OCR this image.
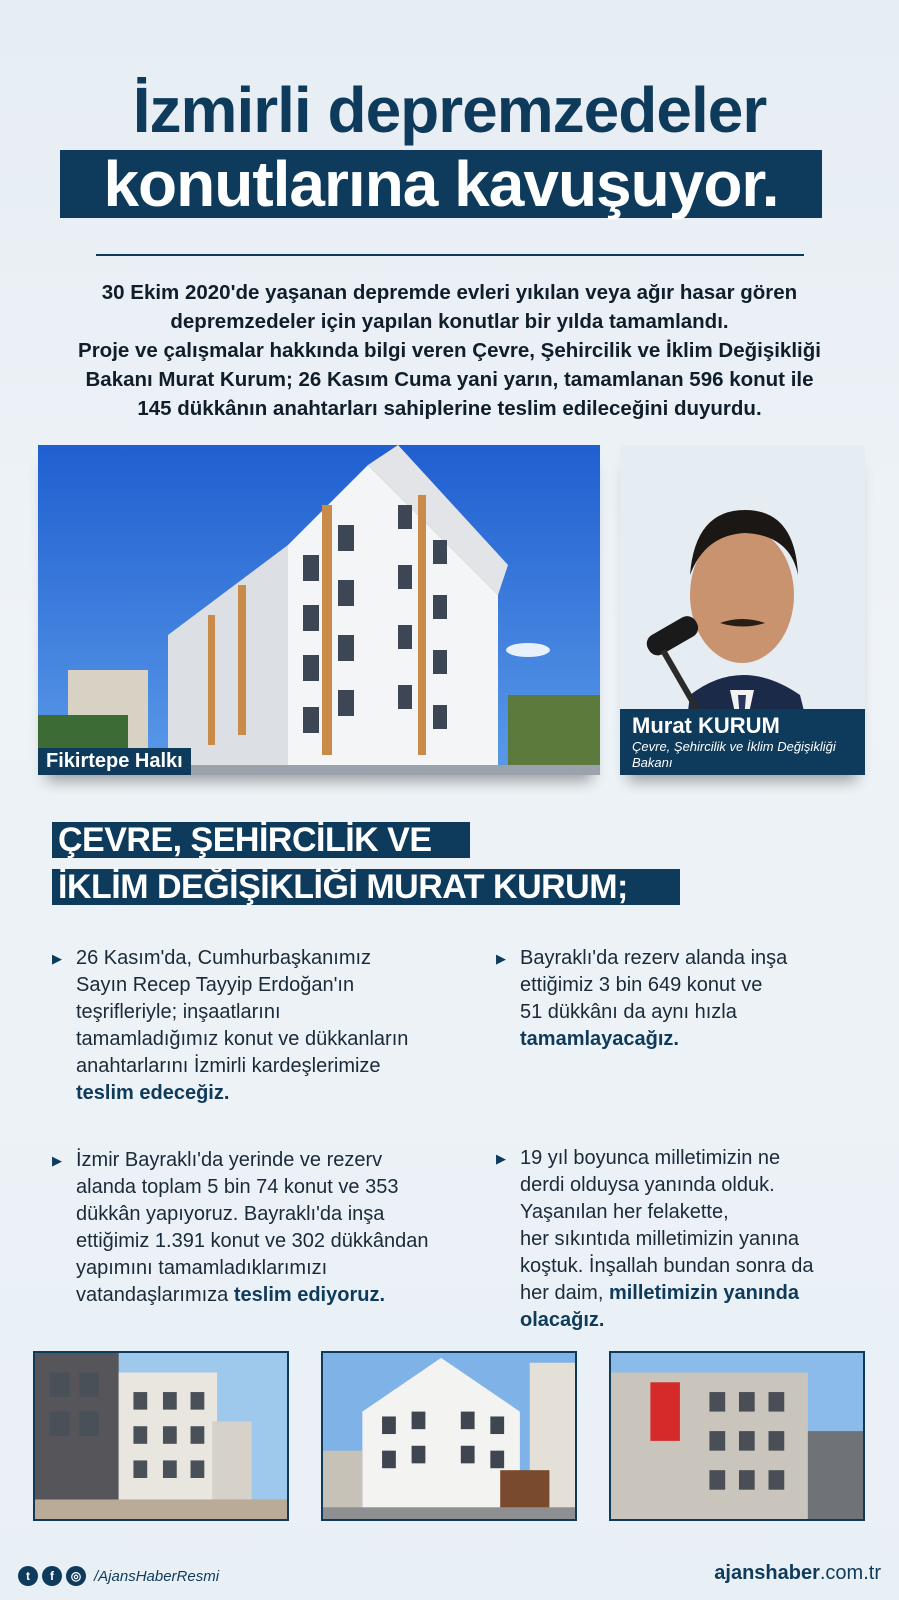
İzmirli depremzedeler
konutlarına kavuşuyor.
30 Ekim 2020'de yaşanan depremde evleri yıkılan veya ağır hasar gören
depremzedeler için yapılan konutlar bir yılda tamamlandı.
Proje ve çalışmalar hakkında bilgi veren Çevre, Şehircilik ve İklim Değişikliği
Bakanı Murat Kurum; 26 Kasım Cuma yani yarın, tamamlanan 596 konut ile
145 dükkânın anahtarları sahiplerine teslim edileceğini duyurdu.
Fikirtepe Halkı
Murat KURUM
Çevre, Şehircilik ve İklim Değişikliği
Bakanı
ÇEVRE, ŞEHİRCİLİK VE
İKLİM DEĞİŞİKLİĞİ MURAT KURUM;
▶ 26 Kasım'da, Cumhurbaşkanımız
Sayın Recep Tayyip Erdoğan'ın
teşrifleriyle; inşaatlarını
tamamladığımız konut ve dükkanların
anahtarlarını İzmirli kardeşlerimize
teslim edeceğiz.
▶ Bayraklı'da rezerv alanda inşa
ettiğimiz 3 bin 649 konut ve
51 dükkânı da aynı hızla
tamamlayacağız.
▶ İzmir Bayraklı'da yerinde ve rezerv
alanda toplam 5 bin 74 konut ve 353
dükkân yapıyoruz. Bayraklı'da inşa
ettiğimiz 1.391 konut ve 302 dükkândan
yapımını tamamladıklarımızı
vatandaşlarımıza teslim ediyoruz.
▶ 19 yıl boyunca milletimizin ne
derdi olduysa yanında olduk.
Yaşanılan her felakette,
her sıkıntıda milletimizin yanına
koştuk. İnşallah bundan sonra da
her daim, milletimizin yanında
olacağız.
t	f	◎ /AjansHaberResmi	ajanshaber.com.tr
